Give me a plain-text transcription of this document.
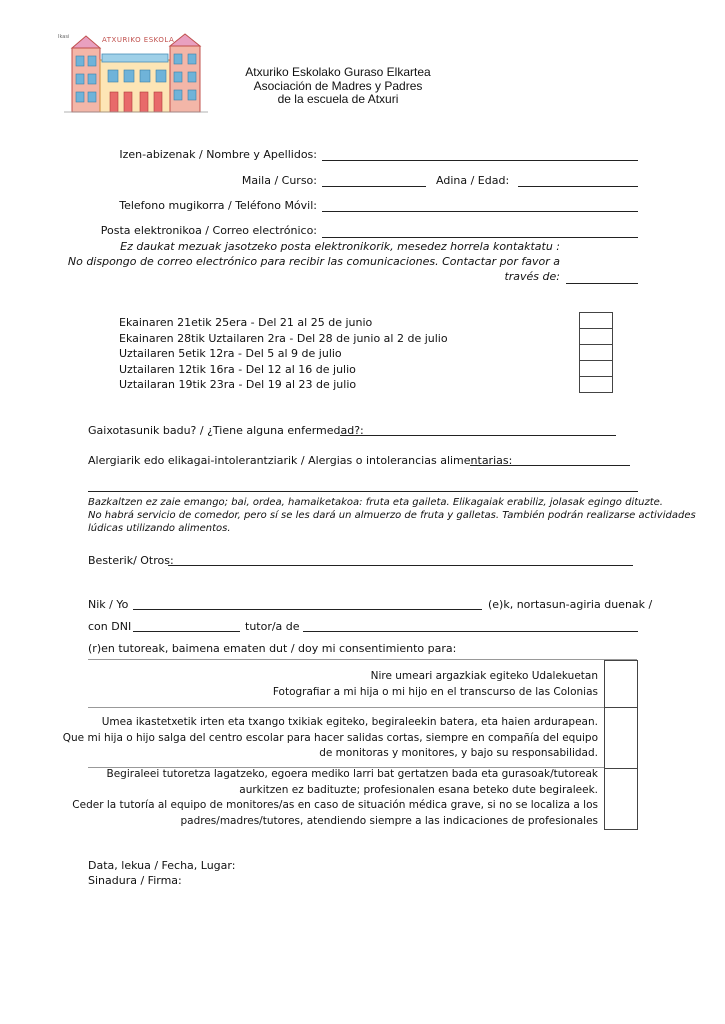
ATXURIKO ESKOLA
Ikasi
Atxuriko Eskolako Guraso Elkartea
Asociación de Madres y Padres
de la escuela de Atxuri
Izen-abizenak / Nombre y Apellidos:
Maila / Curso:	Adina / Edad:
Telefono mugikorra / Teléfono Móvil:
Posta elektronikoa / Correo electrónico:
Ez daukat mezuak jasotzeko posta elektronikorik, mesedez horrela kontaktatu :
No dispongo de correo electrónico para recibir las comunicaciones. Contactar por favor a
través de:
Ekainaren 21etik 25era - Del 21 al 25 de junio
Ekainaren 28tik Uztailaren 2ra - Del 28 de junio al 2 de julio
Uztailaren 5etik 12ra - Del 5 al 9 de julio
Uztailaren 12tik 16ra - Del 12 al 16 de julio
Uztailaran 19tik 23ra - Del 19 al 23 de julio
Gaixotasunik badu? / ¿Tiene alguna enfermedad?:
Alergiarik edo elikagai-intolerantziarik / Alergias o intolerancias alimentarias:
Bazkaltzen ez zaie emango; bai, ordea, hamaiketakoa: fruta eta gaileta. Elikagaiak erabiliz, jolasak egingo dituzte.
No habrá servicio de comedor, pero sí se les dará un almuerzo de fruta y galletas. También podrán realizarse actividades
lúdicas utilizando alimentos.
Besterik/ Otros:
Nik / Yo	(e)k, nortasun-agiria duenak /
con DNI	tutor/a de
(r)en tutoreak, baimena ematen dut / doy mi consentimiento para:
Nire umeari argazkiak egiteko Udalekuetan
Fotografiar a mi hija o mi hijo en el transcurso de las Colonias
Umea ikastetxetik irten eta txango txikiak egiteko, begiraleekin batera, eta haien ardurapean.
Que mi hija o hijo salga del centro escolar para hacer salidas cortas, siempre en compañía del equipo
de monitoras y monitores, y bajo su responsabilidad.
Begiraleei tutoretza lagatzeko, egoera mediko larri bat gertatzen bada eta gurasoak/tutoreak
aurkitzen ez badituzte; profesionalen esana beteko dute begiraleek.
Ceder la tutoría al equipo de monitores/as en caso de situación médica grave, si no se localiza a los
padres/madres/tutores, atendiendo siempre a las indicaciones de profesionales
Data, lekua / Fecha, Lugar:
Sinadura / Firma:
